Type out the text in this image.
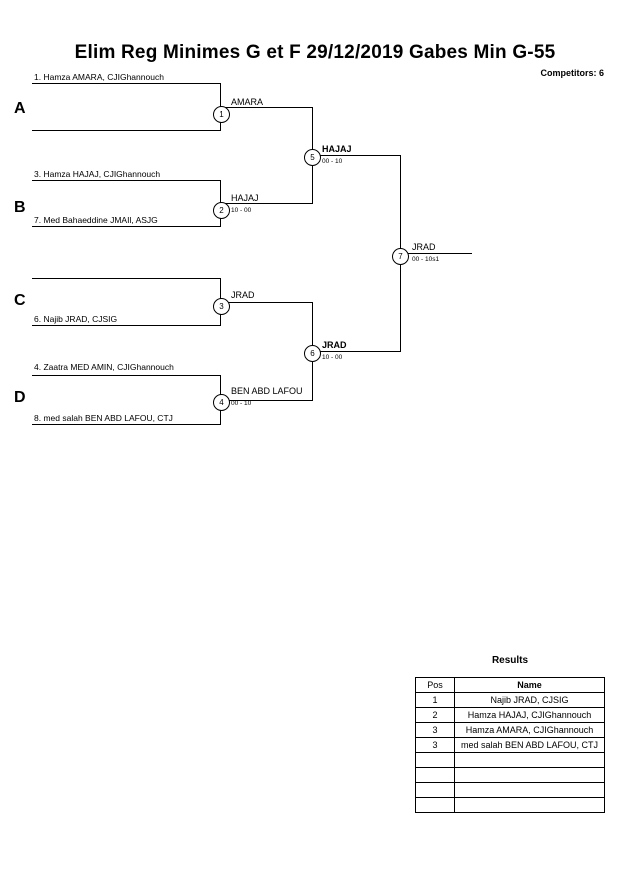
Elim Reg Minimes G et F 29/12/2019 Gabes Min G-55
Competitors: 6
A
B
C
D
1. Hamza AMARA, CJIGhannouch
3. Hamza HAJAJ, CJIGhannouch
7. Med Bahaeddine JMAIl, ASJG
6. Najib JRAD, CJSIG
4. Zaatra MED AMIN, CJIGhannouch
8. med salah BEN ABD LAFOU, CTJ
1
2
3
4
5
6
7
AMARA
HAJAJ
10 - 00
JRAD
BEN ABD LAFOU
00 - 10
HAJAJ
00 - 10
JRAD
10 - 00
JRAD
00 - 10s1
Results
Pos	Name
1	Najib JRAD, CJSIG
2	Hamza HAJAJ, CJIGhannouch
3	Hamza AMARA, CJIGhannouch
3	med salah BEN ABD LAFOU, CTJ
